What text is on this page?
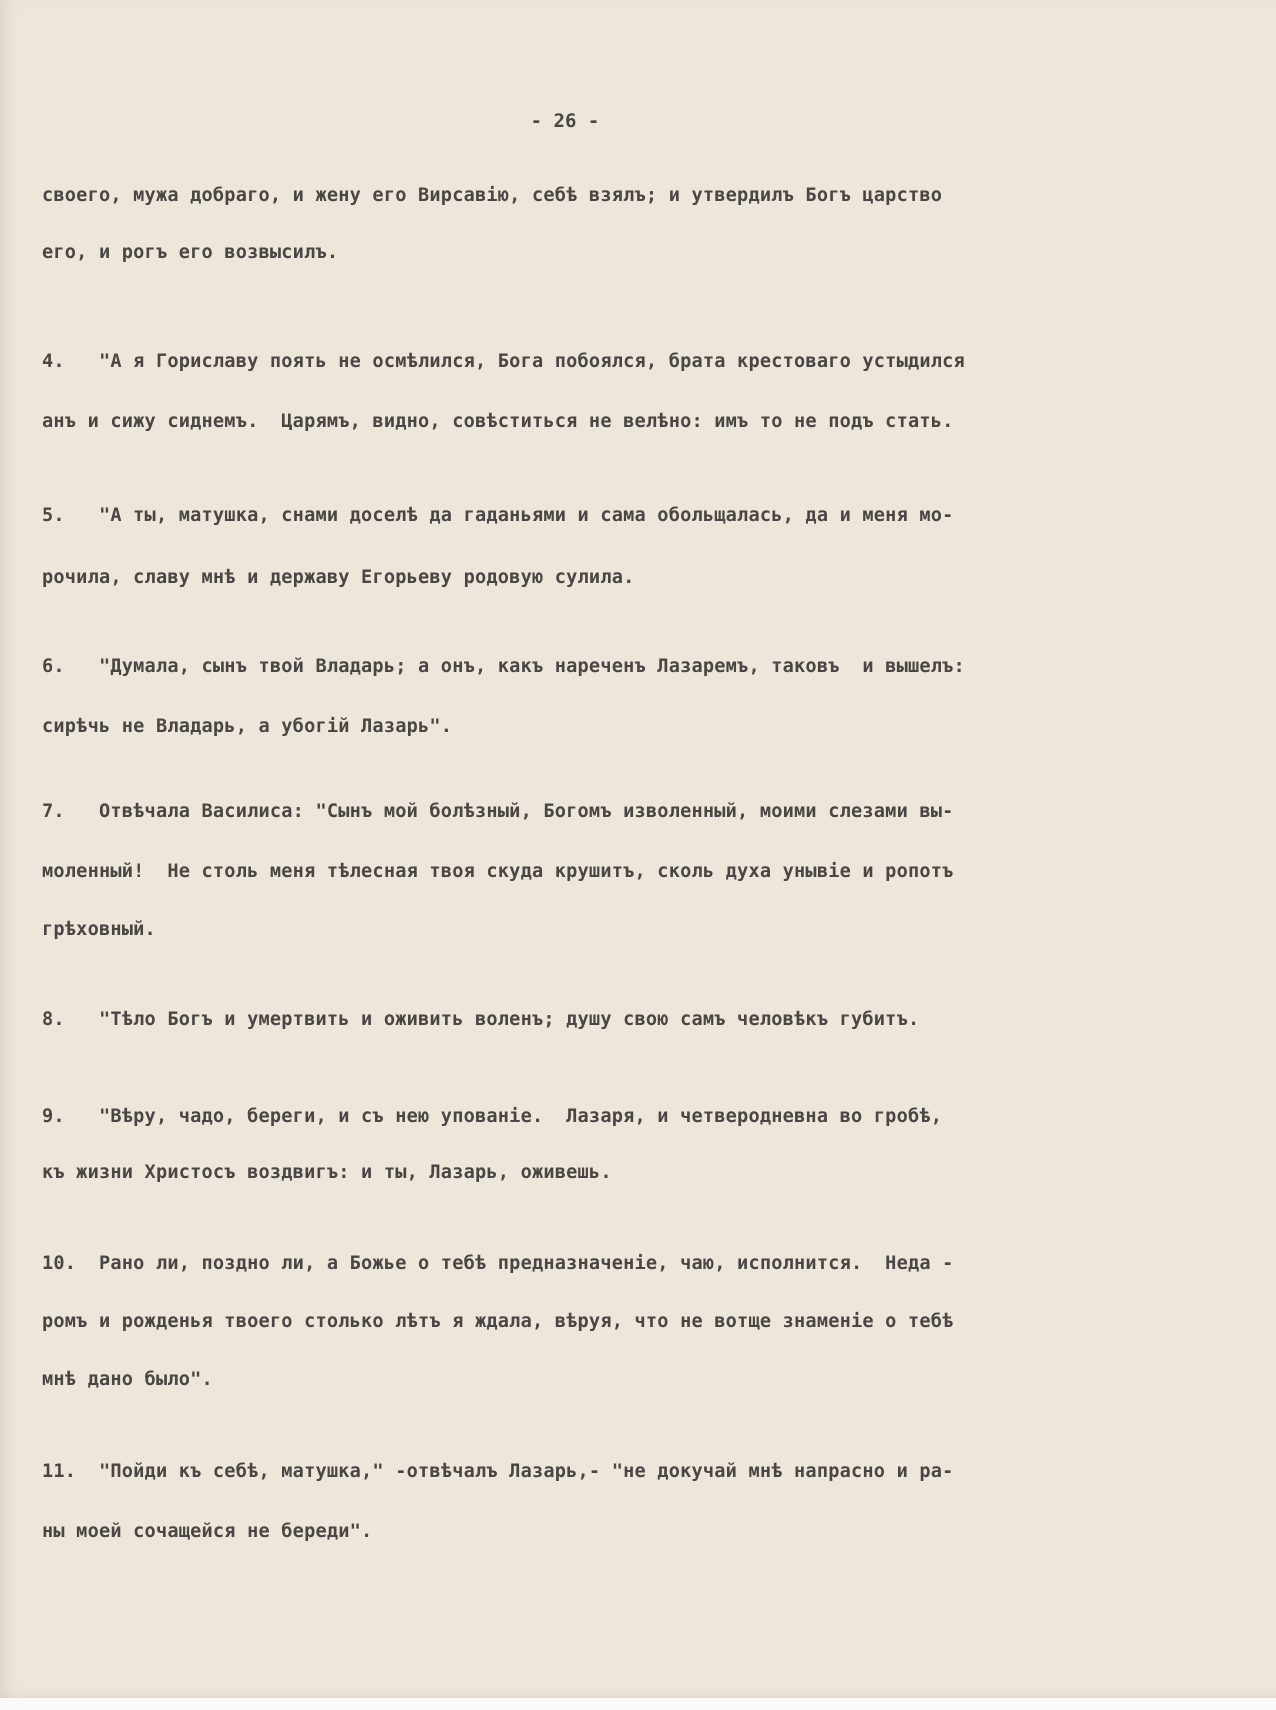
- 26 -
своего, мужа добраго, и жену его Вирсавію, себѣ взялъ; и утвердилъ Богъ царство
его, и рогъ его возвысилъ.
4.   "А я Гориславу поять не осмѣлился, Бога побоялся, брата крестоваго устыдился
анъ и сижу сиднемъ.  Царямъ, видно, совѣститься не велѣно: имъ то не подъ стать.
5.   "А ты, матушка, снами доселѣ да гаданьями и сама обольщалась, да и меня мо-
рочила, славу мнѣ и державу Егорьеву родовую сулила.
6.   "Думала, сынъ твой Владарь; а онъ, какъ нареченъ Лазаремъ, таковъ  и вышелъ:
сирѣчь не Владарь, а убогій Лазарь".
7.   Отвѣчала Василиса: "Сынъ мой болѣзный, Богомъ изволенный, моими слезами вы-
моленный!  Не столь меня тѣлесная твоя скуда крушитъ, сколь духа унывіе и ропотъ
грѣховный.
8.   "Тѣло Богъ и умертвить и оживить воленъ; душу свою самъ человѣкъ губитъ.
9.   "Вѣру, чадо, береги, и съ нею упованіе.  Лазаря, и четверодневна во гробѣ,
къ жизни Христосъ воздвигъ: и ты, Лазарь, оживешь.
10.  Рано ли, поздно ли, а Божье о тебѣ предназначеніе, чаю, исполнится.  Неда -
ромъ и рожденья твоего столько лѣтъ я ждала, вѣруя, что не вотще знаменіе о тебѣ
мнѣ дано было".
11.  "Пойди къ себѣ, матушка," -отвѣчалъ Лазарь,- "не докучай мнѣ напрасно и ра-
ны моей сочащейся не береди".
